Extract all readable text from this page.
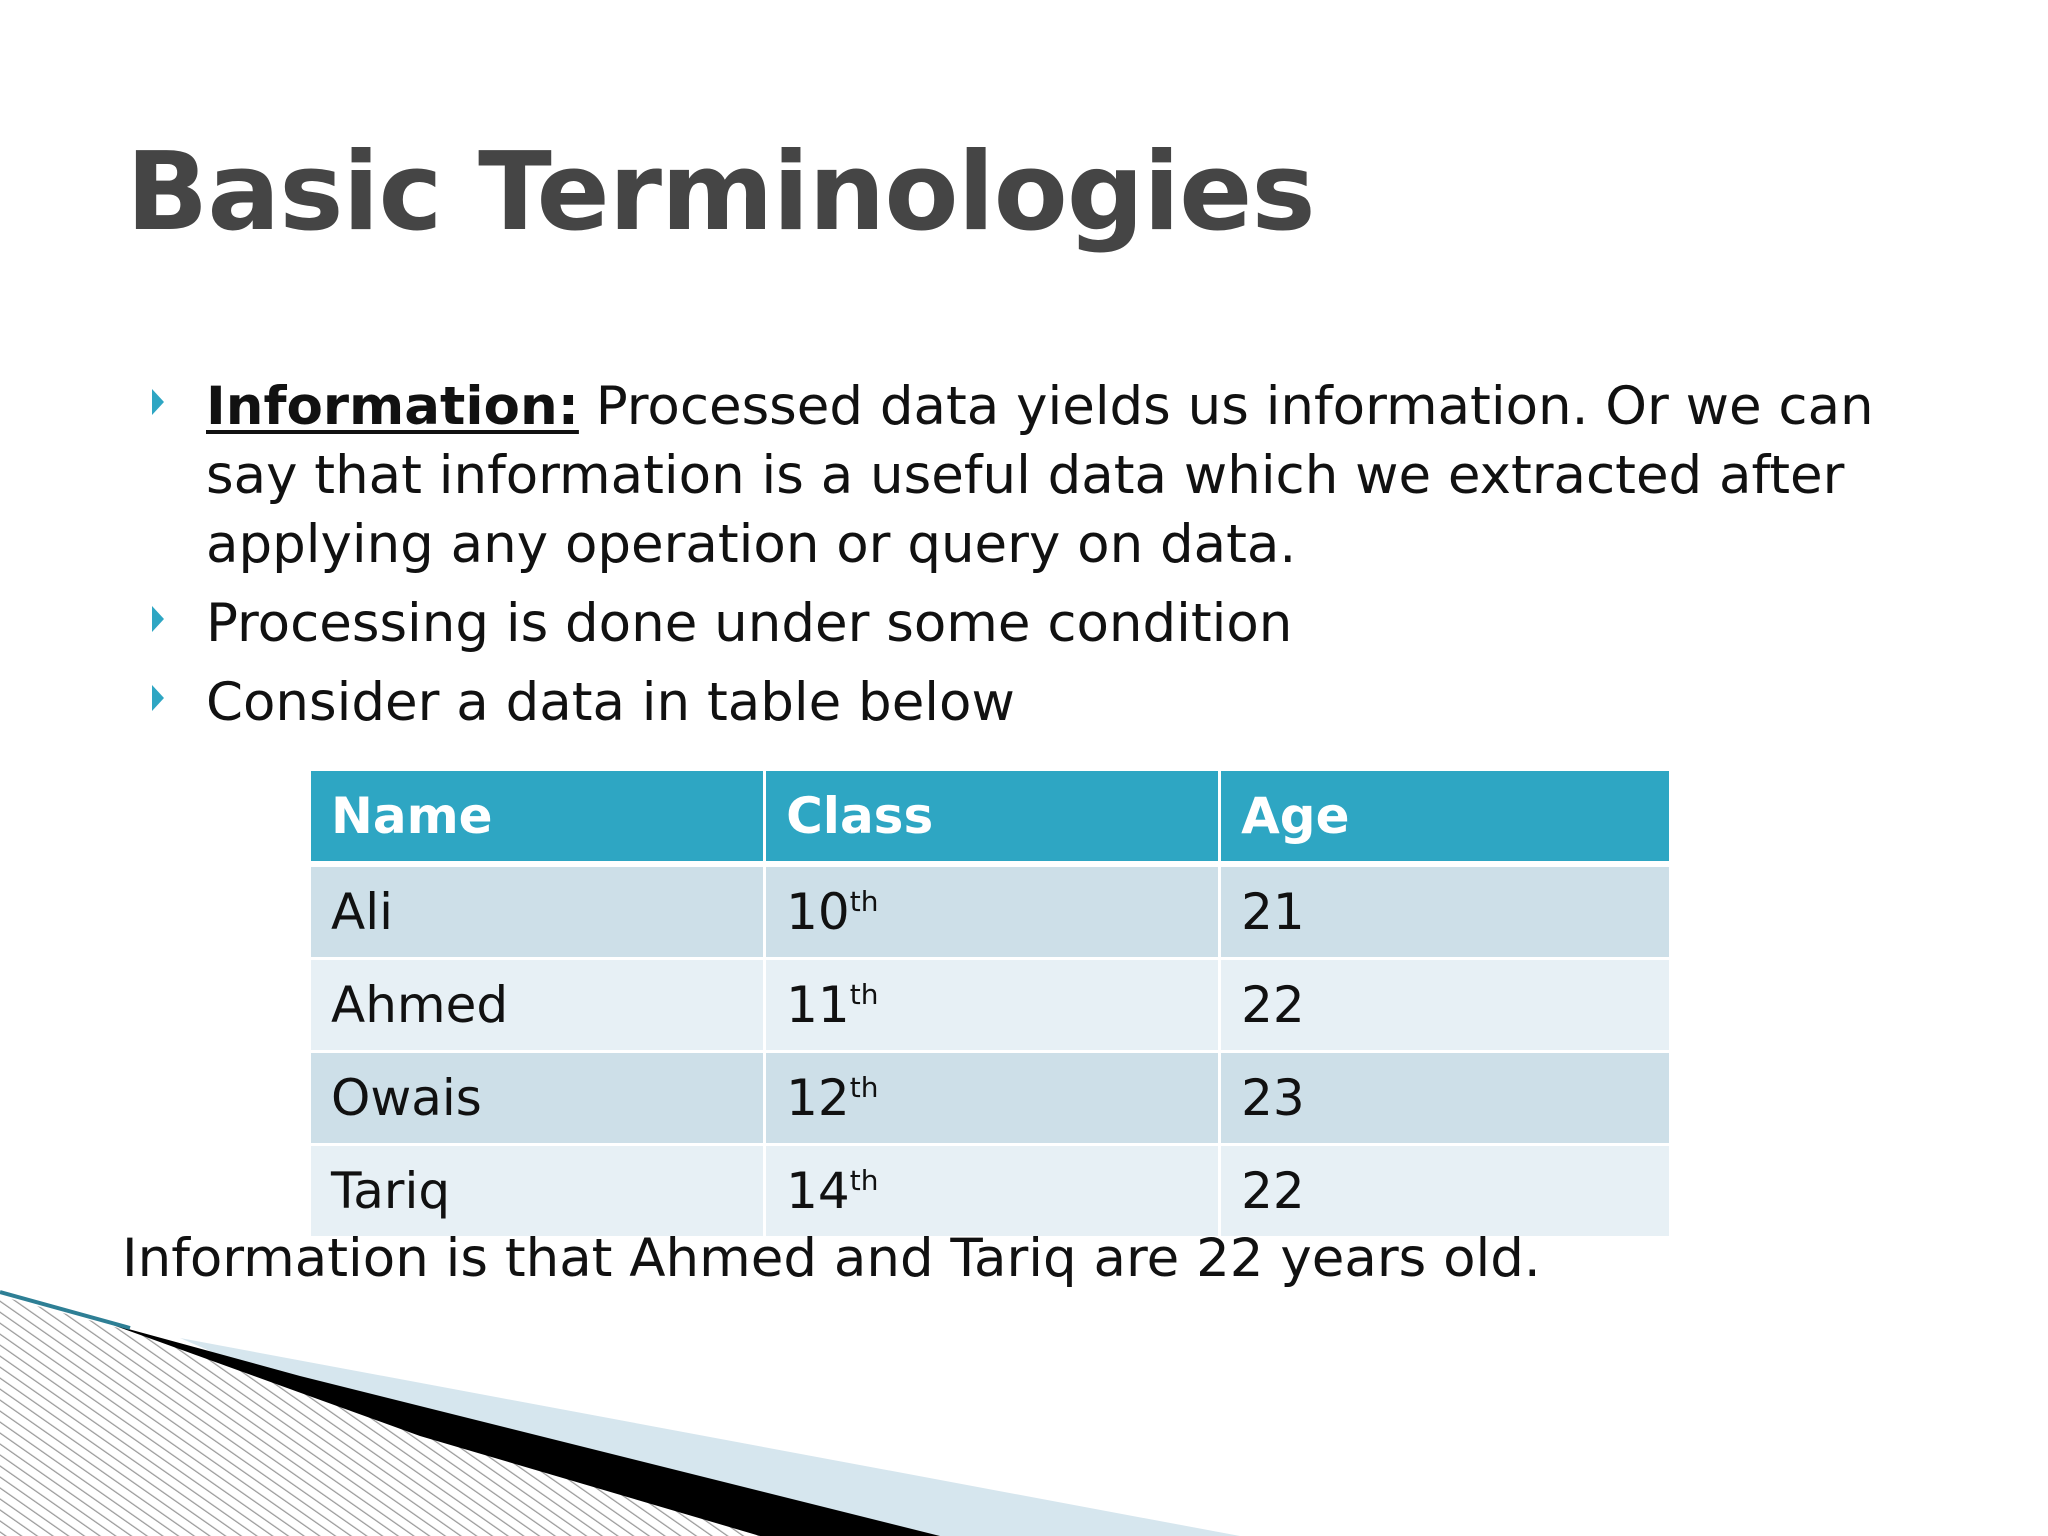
Basic Terminologies
Information: Processed data yields us information. Or we can say that information is a useful data which we extracted after applying any operation or query on data.
Processing is done under some condition
Consider a data in table below
Name	Class	Age
Ali	10th	21
Ahmed	11th	22
Owais	12th	23
Tariq	14th	22

Information is that Ahmed and Tariq are 22 years old.
